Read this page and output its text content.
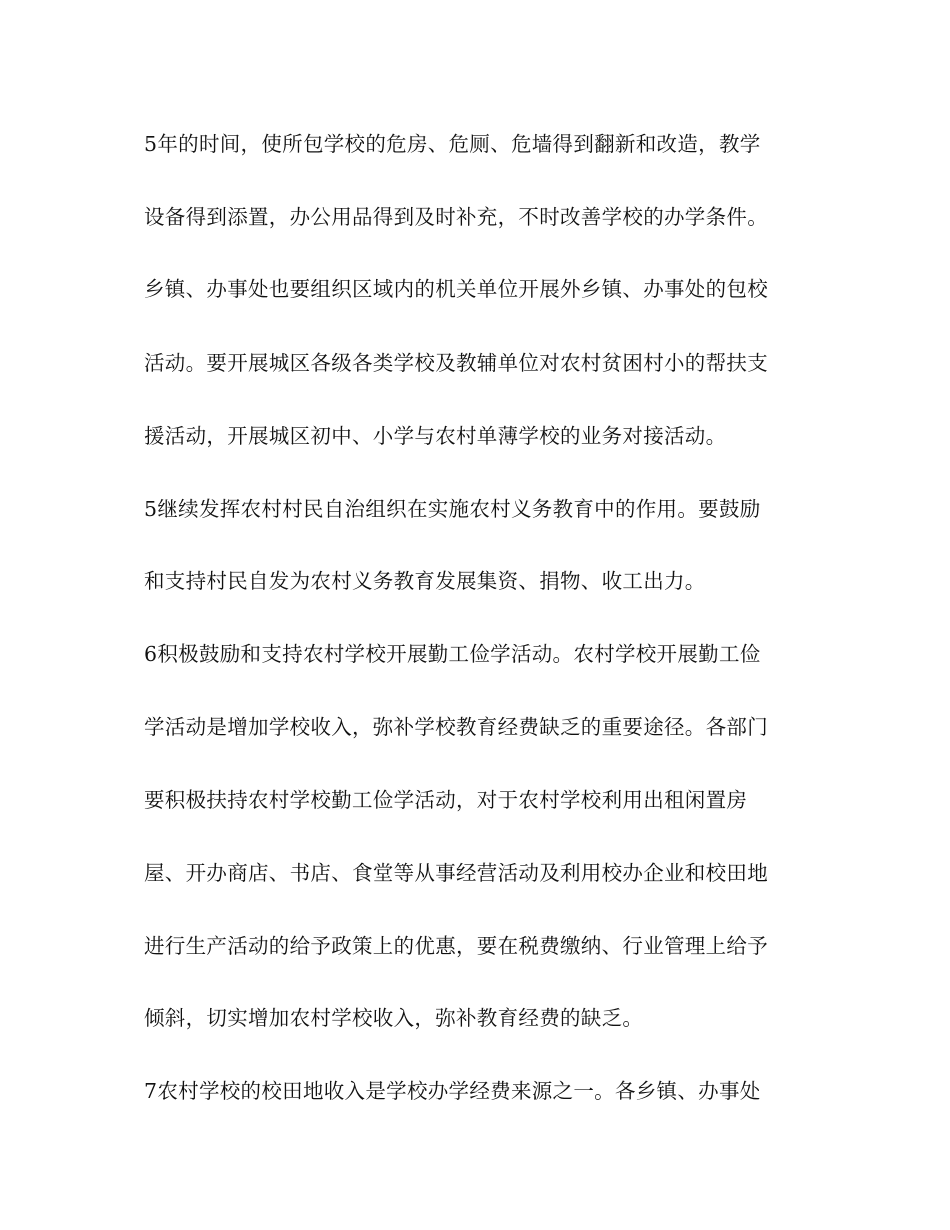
5年的时间，使所包学校的危房、危厕、危墙得到翻新和改造，教学
设备得到添置，办公用品得到及时补充，不时改善学校的办学条件。
乡镇、办事处也要组织区域内的机关单位开展外乡镇、办事处的包校
活动。要开展城区各级各类学校及教辅单位对农村贫困村小的帮扶支
援活动，开展城区初中、小学与农村单薄学校的业务对接活动。
5继续发挥农村村民自治组织在实施农村义务教育中的作用。要鼓励
和支持村民自发为农村义务教育发展集资、捐物、收工出力。
6积极鼓励和支持农村学校开展勤工俭学活动。农村学校开展勤工俭
学活动是增加学校收入，弥补学校教育经费缺乏的重要途径。各部门
要积极扶持农村学校勤工俭学活动，对于农村学校利用出租闲置房
屋、开办商店、书店、食堂等从事经营活动及利用校办企业和校田地
进行生产活动的给予政策上的优惠，要在税费缴纳、行业管理上给予
倾斜，切实增加农村学校收入，弥补教育经费的缺乏。
7农村学校的校田地收入是学校办学经费来源之一。各乡镇、办事处
